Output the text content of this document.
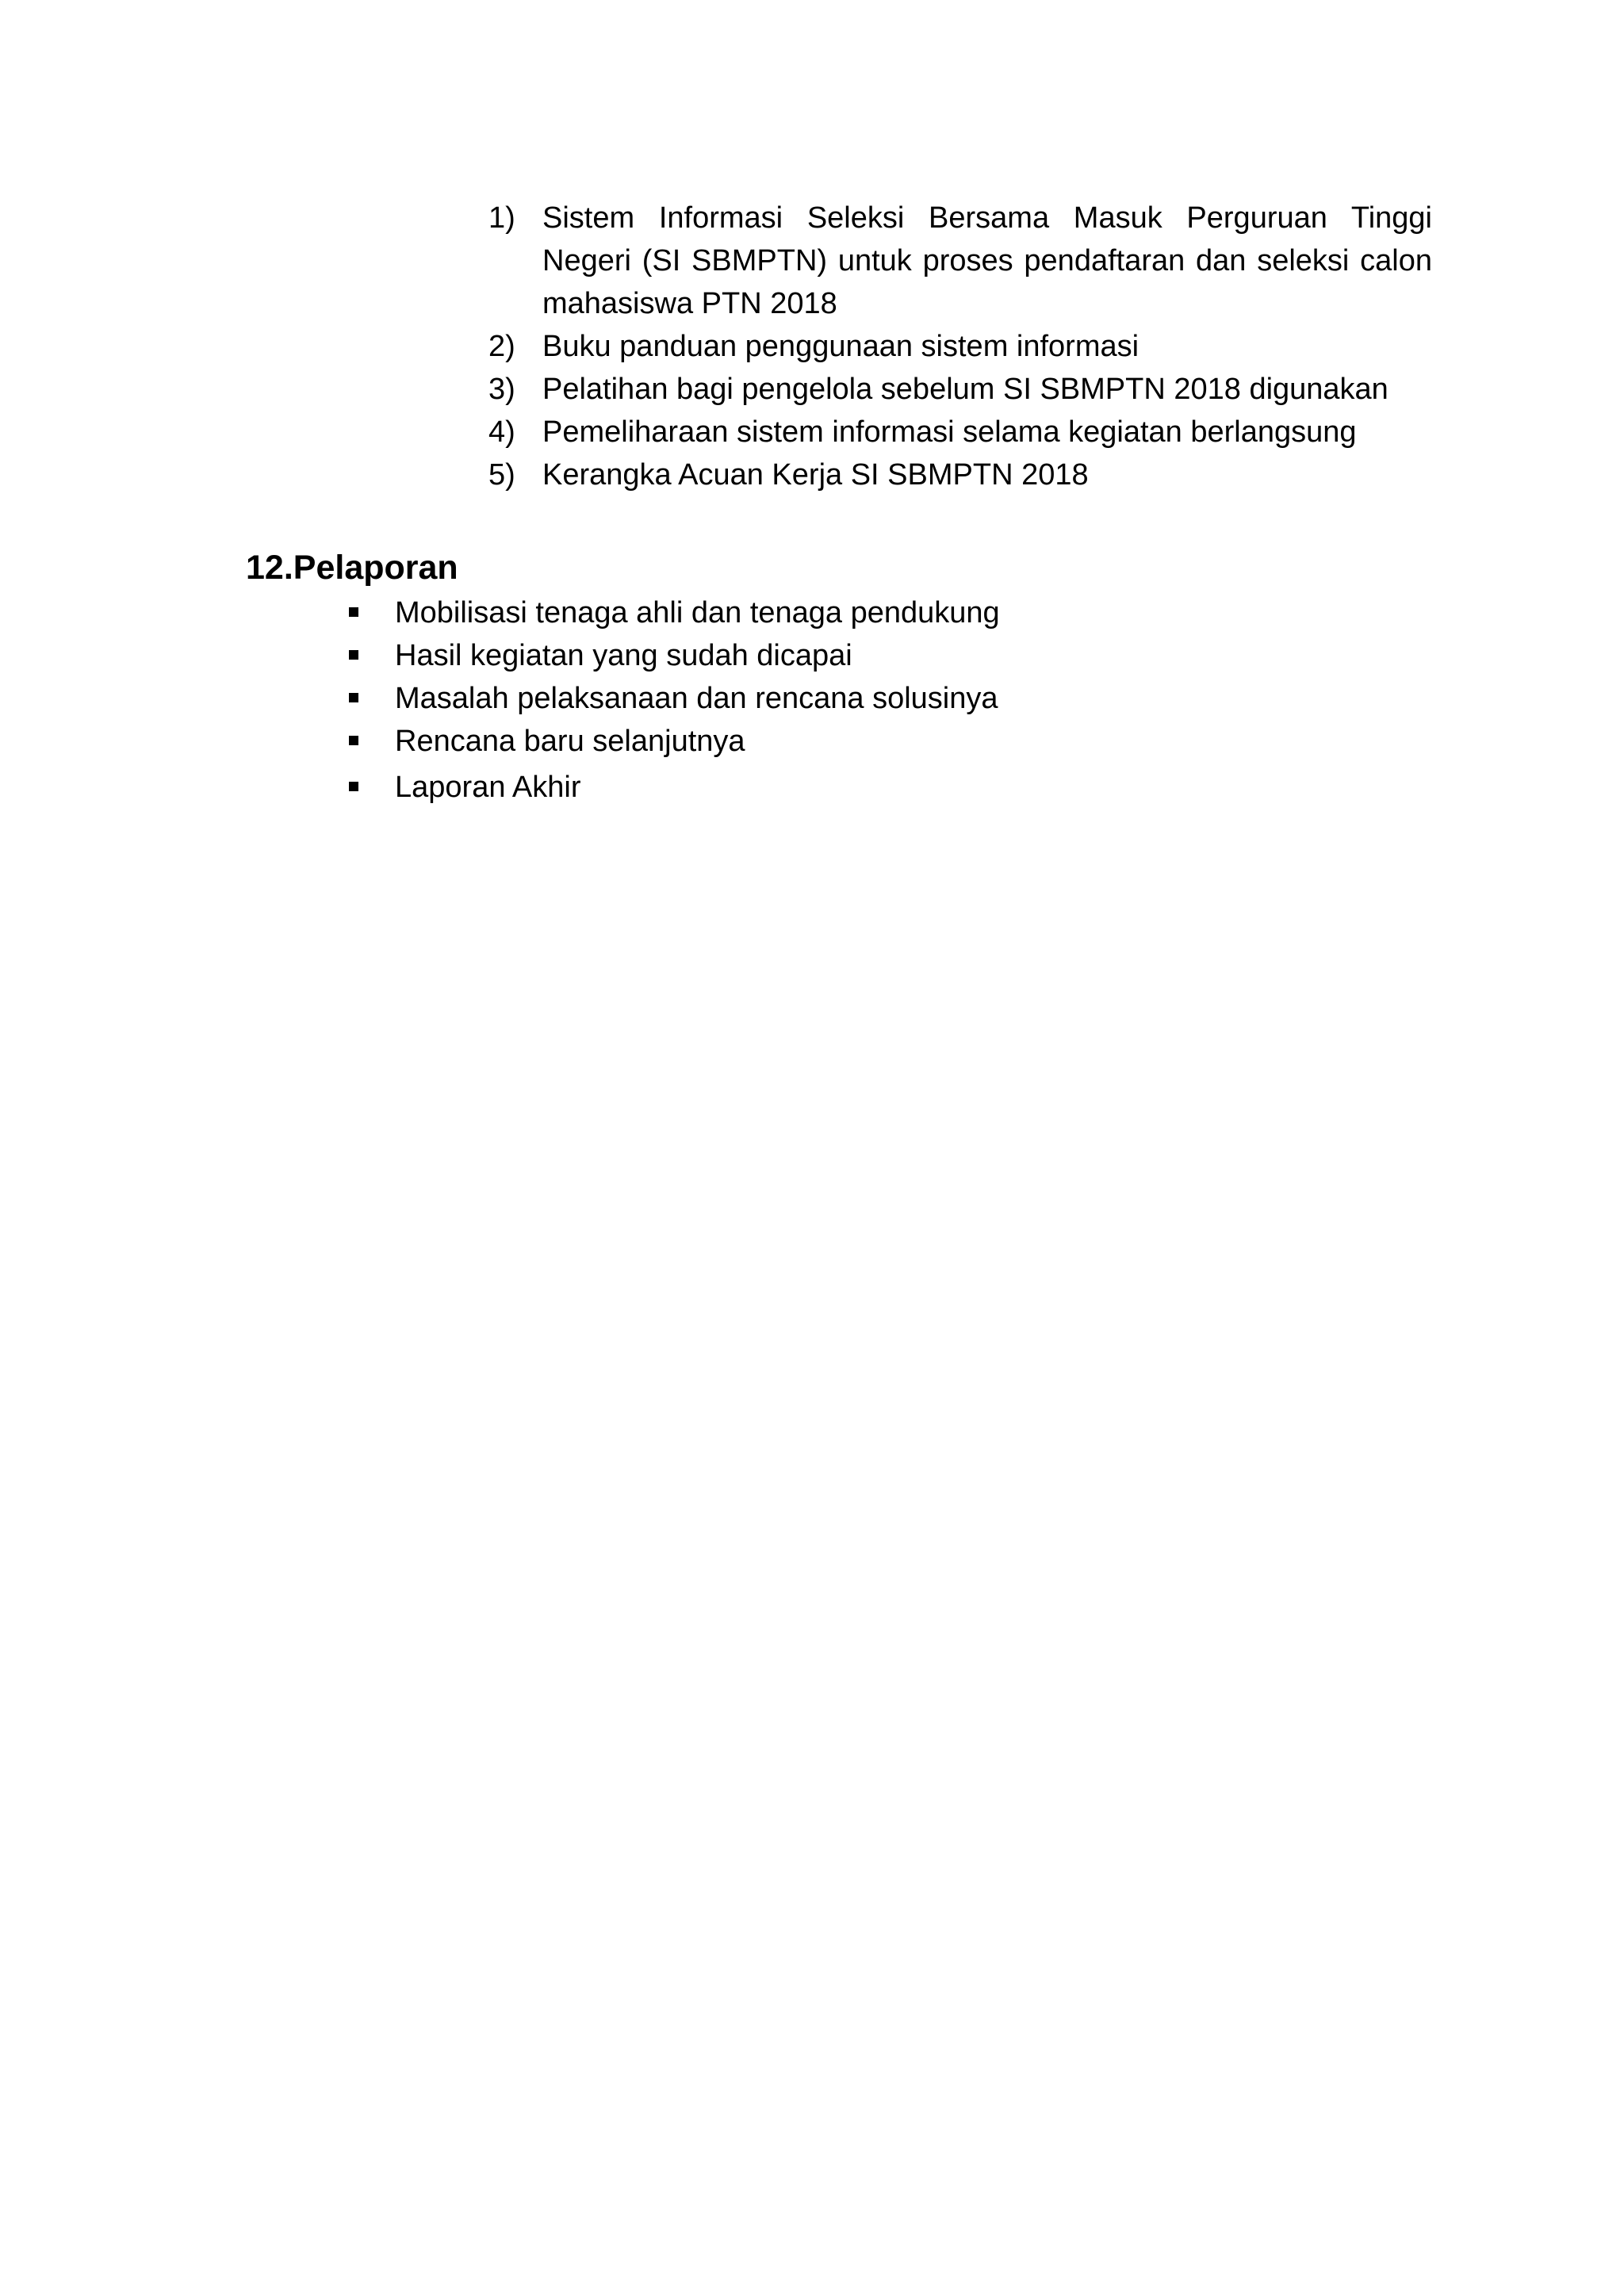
1) Sistem Informasi Seleksi Bersama Masuk Perguruan Tinggi Negeri (SI SBMPTN) untuk proses pendaftaran dan seleksi calon mahasiswa PTN 2018
2) Buku panduan penggunaan sistem informasi
3) Pelatihan bagi pengelola sebelum SI SBMPTN 2018 digunakan
4) Pemeliharaan sistem informasi selama kegiatan berlangsung
5) Kerangka Acuan Kerja SI SBMPTN 2018
12.Pelaporan
Mobilisasi tenaga ahli dan tenaga pendukung
Hasil kegiatan yang sudah dicapai
Masalah pelaksanaan dan rencana solusinya
Rencana baru selanjutnya
Laporan Akhir
